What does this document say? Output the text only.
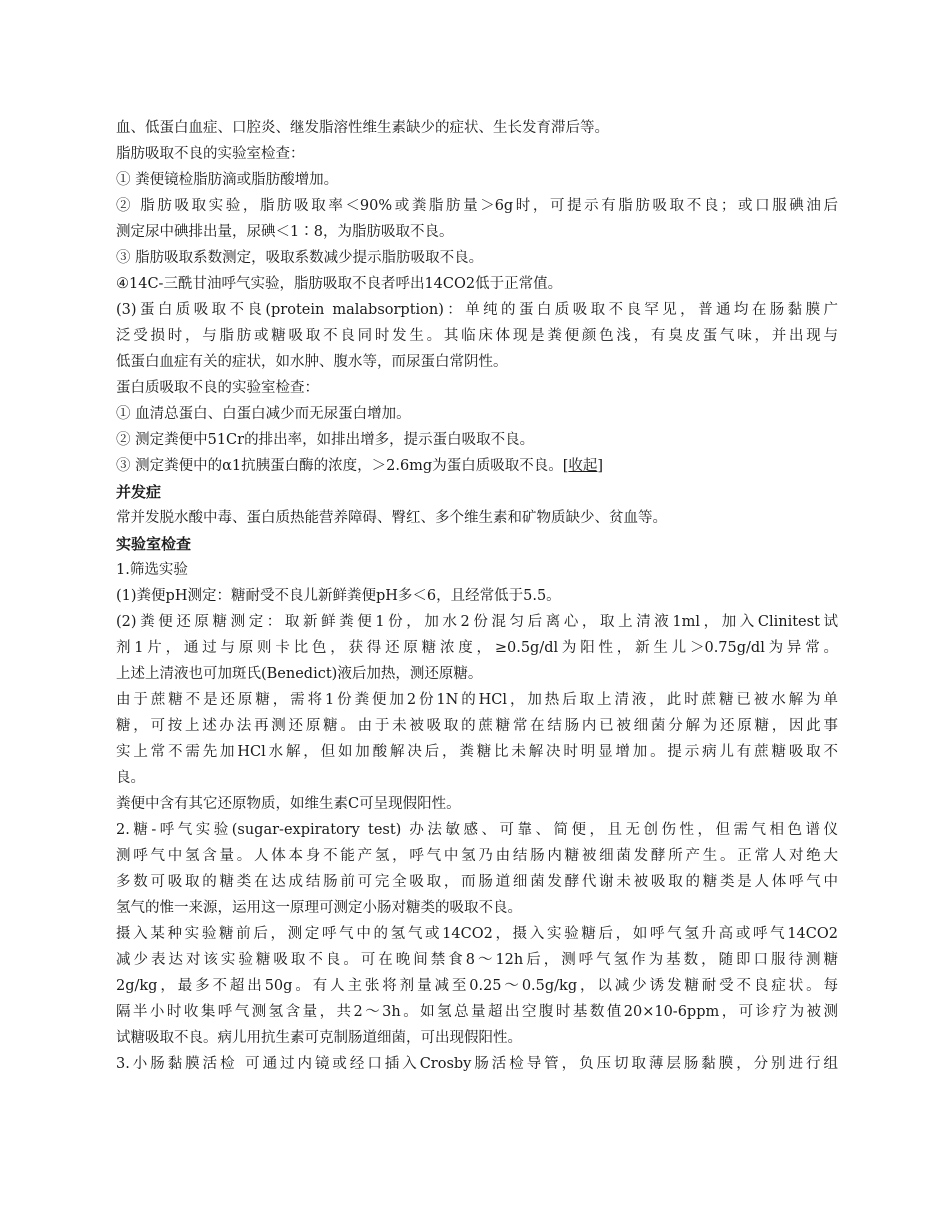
血、低蛋白血症、口腔炎、继发脂溶性维生素缺少的症状、生长发育滞后等。
脂肪吸取不良的实验室检查：
① 粪便镜检脂肪滴或脂肪酸增加。
② 脂肪吸取实验，脂肪吸取率＜90%或粪脂肪量＞6g时，可提示有脂肪吸取不良；或口服碘油后
测定尿中碘排出量，尿碘＜1∶8，为脂肪吸取不良。
③ 脂肪吸取系数测定，吸取系数减少提示脂肪吸取不良。
④14C-三酰甘油呼气实验，脂肪吸取不良者呼出14CO2低于正常值。
(3)蛋白质吸取不良(protein malabsorption)：单纯的蛋白质吸取不良罕见，普通均在肠黏膜广
泛受损时，与脂肪或糖吸取不良同时发生。其临床体现是粪便颜色浅，有臭皮蛋气味，并出现与
低蛋白血症有关的症状，如水肿、腹水等，而尿蛋白常阴性。
蛋白质吸取不良的实验室检查：
① 血清总蛋白、白蛋白减少而无尿蛋白增加。
② 测定粪便中51Cr的排出率，如排出增多，提示蛋白吸取不良。
③ 测定粪便中的α1抗胰蛋白酶的浓度，＞2.6mg为蛋白质吸取不良。[收起]
并发症
常并发脱水酸中毒、蛋白质热能营养障碍、臀红、多个维生素和矿物质缺少、贫血等。
实验室检查
1.筛选实验
(1)粪便pH测定：糖耐受不良儿新鲜粪便pH多＜6，且经常低于5.5。
(2)粪便还原糖测定：取新鲜粪便1份，加水2份混匀后离心，取上清液1ml，加入Clinitest试
剂1片，通过与原则卡比色，获得还原糖浓度，≥0.5g/dl为阳性，新生儿＞0.75g/dl为异常。
上述上清液也可加斑氏(Benedict)液后加热，测还原糖。
由于蔗糖不是还原糖，需将1份粪便加2份1N的HCl，加热后取上清液，此时蔗糖已被水解为单
糖，可按上述办法再测还原糖。由于未被吸取的蔗糖常在结肠内已被细菌分解为还原糖，因此事
实上常不需先加HCl水解，但如加酸解决后，粪糖比未解决时明显增加。提示病儿有蔗糖吸取不
良。
粪便中含有其它还原物质，如维生素C可呈现假阳性。
2.糖-呼气实验(sugar-expiratory test) 办法敏感、可靠、简便，且无创伤性，但需气相色谱仪
测呼气中氢含量。人体本身不能产氢，呼气中氢乃由结肠内糖被细菌发酵所产生。正常人对绝大
多数可吸取的糖类在达成结肠前可完全吸取，而肠道细菌发酵代谢未被吸取的糖类是人体呼气中
氢气的惟一来源，运用这一原理可测定小肠对糖类的吸取不良。
摄入某种实验糖前后，测定呼气中的氢气或14CO2，摄入实验糖后，如呼气氢升高或呼气14CO2
减少表达对该实验糖吸取不良。可在晚间禁食8～12h后，测呼气氢作为基数，随即口服待测糖
2g/kg，最多不超出50g。有人主张将剂量减至0.25～0.5g/kg，以减少诱发糖耐受不良症状。每
隔半小时收集呼气测氢含量，共2～3h。如氢总量超出空腹时基数值20×10-6ppm，可诊疗为被测
试糖吸取不良。病儿用抗生素可克制肠道细菌，可出现假阳性。
3.小肠黏膜活检 可通过内镜或经口插入Crosby肠活检导管，负压切取薄层肠黏膜，分别进行组
